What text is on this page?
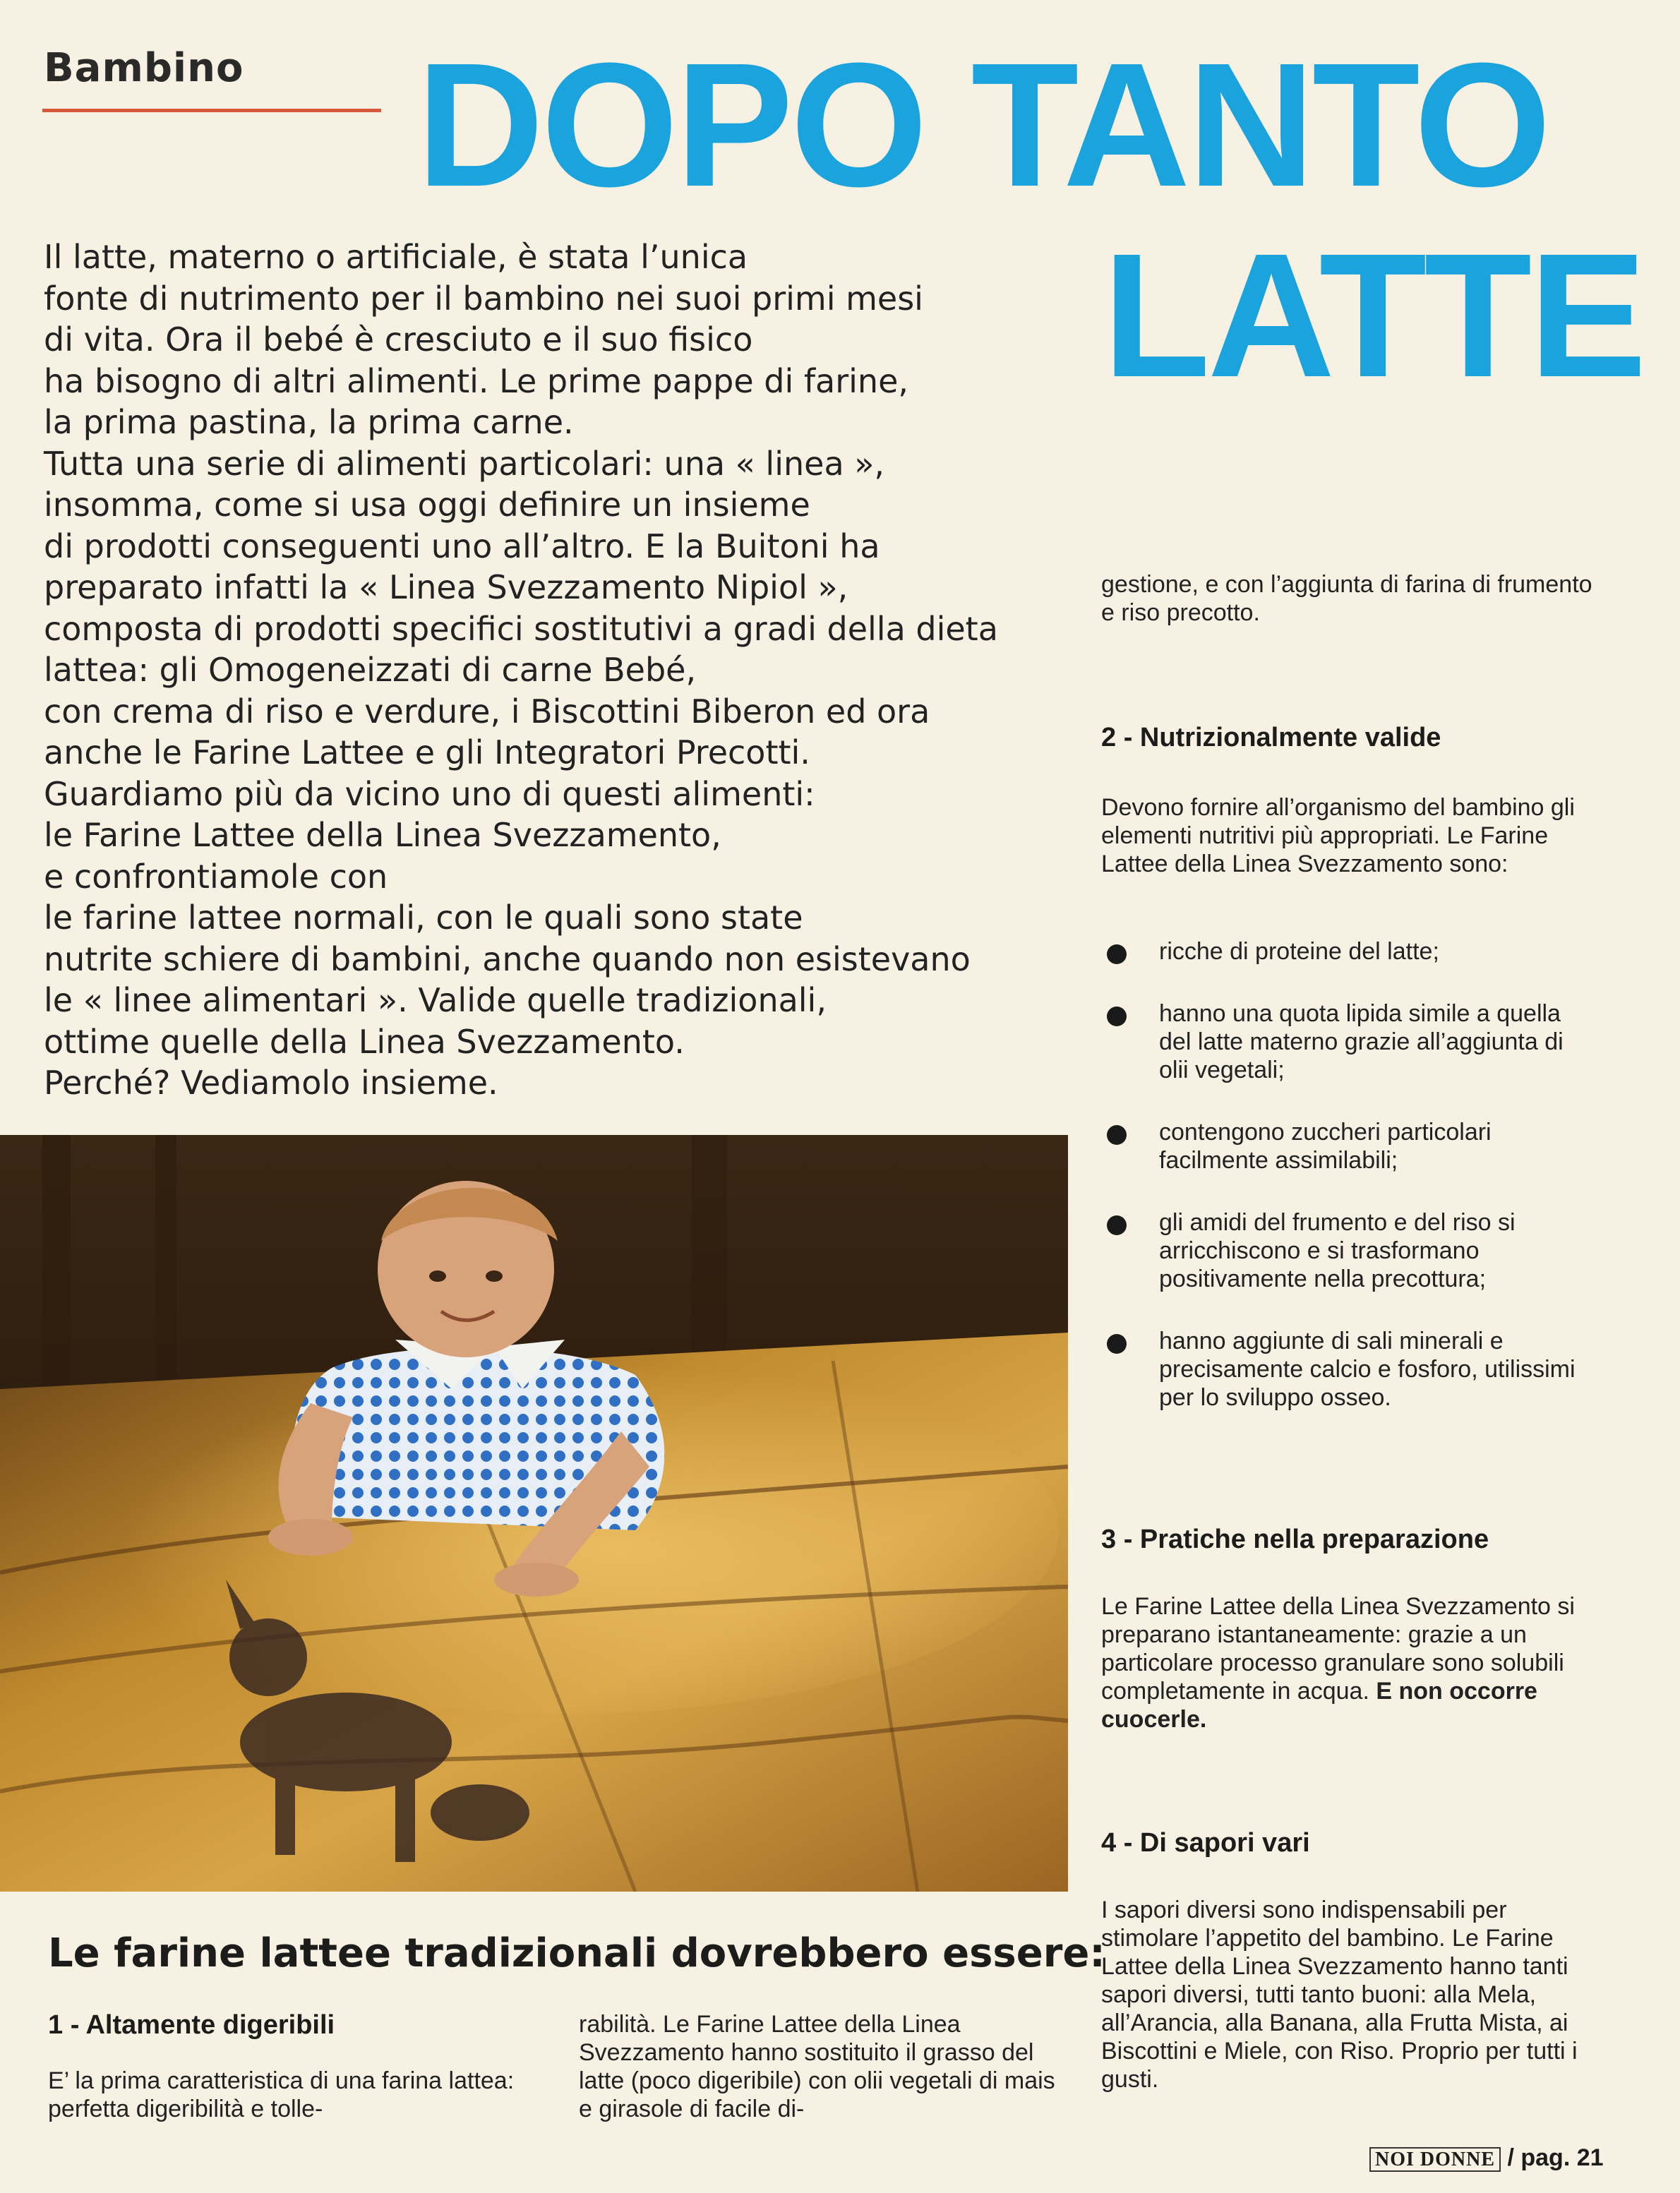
Bambino DOPO TANTO
LATTE
Il latte, materno o artificiale, è stata l’unica
fonte di nutrimento per il bambino nei suoi primi mesi
di vita. Ora il bebé è cresciuto e il suo fisico
ha bisogno di altri alimenti. Le prime pappe di farine,
la prima pastina, la prima carne.
Tutta una serie di alimenti particolari: una « linea »,
insomma, come si usa oggi definire un insieme
di prodotti conseguenti uno all’altro. E la Buitoni ha
preparato infatti la « Linea Svezzamento Nipiol »,
composta di prodotti specifici sostitutivi a gradi della dieta
lattea: gli Omogeneizzati di carne Bebé,
con crema di riso e verdure, i Biscottini Biberon ed ora
anche le Farine Lattee e gli Integratori Precotti.
Guardiamo più da vicino uno di questi alimenti:
le Farine Lattee della Linea Svezzamento,
e confrontiamole con
le farine lattee normali, con le quali sono state
nutrite schiere di bambini, anche quando non esistevano
le « linee alimentari ». Valide quelle tradizionali,
ottime quelle della Linea Svezzamento.
Perché? Vediamolo insieme.
Le farine lattee tradizionali dovrebbero essere:
1 - Altamente digeribili
E’ la prima caratteristica di una farina lattea: perfetta digeribilità e tolle-
rabilità. Le Farine Lattee della Linea Svezzamento hanno sostituito il grasso del latte (poco digeribile) con olii vegetali di mais e girasole di facile di-
gestione, e con l’aggiunta di farina di frumento e riso precotto.
2 - Nutrizionalmente valide
Devono fornire all’organismo del bambino gli elementi nutritivi più appropriati. Le Farine Lattee della Linea Svezzamento sono:
ricche di proteine del latte;
hanno una quota lipida simile a quella del latte materno grazie all’aggiunta di olii vegetali;
contengono zuccheri particolari facilmente assimilabili;
gli amidi del frumento e del riso si arricchiscono e si trasformano positivamente nella precottura;
hanno aggiunte di sali minerali e precisamente calcio e fosforo, utilissimi per lo sviluppo osseo.
3 - Pratiche nella preparazione
Le Farine Lattee della Linea Svezzamento si preparano istantaneamente: grazie a un particolare processo granulare sono solubili completamente in acqua. E non occorre cuocerle.
4 - Di sapori vari
I sapori diversi sono indispensabili per stimolare l’appetito del bambino. Le Farine Lattee della Linea Svezzamento hanno tanti sapori diversi, tutti tanto buoni: alla Mela, all’Arancia, alla Banana, alla Frutta Mista, ai Biscottini e Miele, con Riso. Proprio per tutti i gusti.
NOI DONNE / pag. 21
